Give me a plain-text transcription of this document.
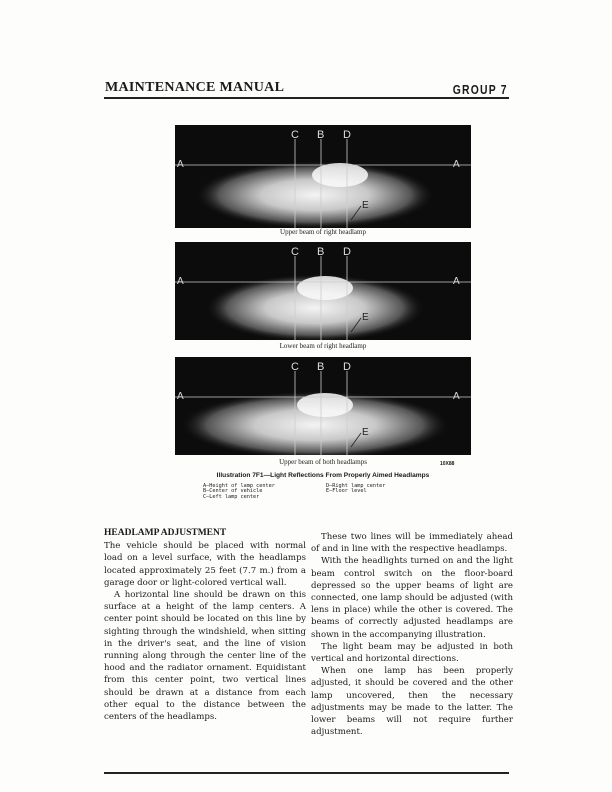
MAINTENANCE MANUAL	GROUP 7
C B D
A	A
E
Upper beam of right headlamp
C B D
A	A
E
Lower beam of right headlamp
C B D
A	A
E
Upper beam of both headlamps	10X88
Illustration 7F1—Light Reflections From Properly Aimed Headlamps
A—Height of lamp center
B—Center of vehicle
C—Left lamp center
D—Right lamp center
E—Floor level
HEADLAMP ADJUSTMENT

The vehicle should be placed with normal load on a level surface, with the headlamps located approximately 25 feet (7.7 m.) from a garage door or light-colored vertical wall.

A horizontal line should be drawn on this surface at a height of the lamp centers. A center point should be located on this line by sighting through the windshield, when sitting in the driver's seat, and the line of vision running along through the center line of the hood and the radiator ornament. Equidistant from this center point, two vertical lines should be drawn at a distance from each other equal to the distance between the centers of the headlamps.

These two lines will be immediately ahead of and in line with the respective headlamps.

With the headlights turned on and the light beam control switch on the floor-board depressed so the upper beams of light are connected, one lamp should be adjusted (with lens in place) while the other is covered. The beams of correctly adjusted headlamps are shown in the accompanying illustration.

The light beam may be adjusted in both vertical and horizontal directions.

When one lamp has been properly adjusted, it should be covered and the other lamp uncovered, then the necessary adjustments may be made to the latter. The lower beams will not require further adjustment.
